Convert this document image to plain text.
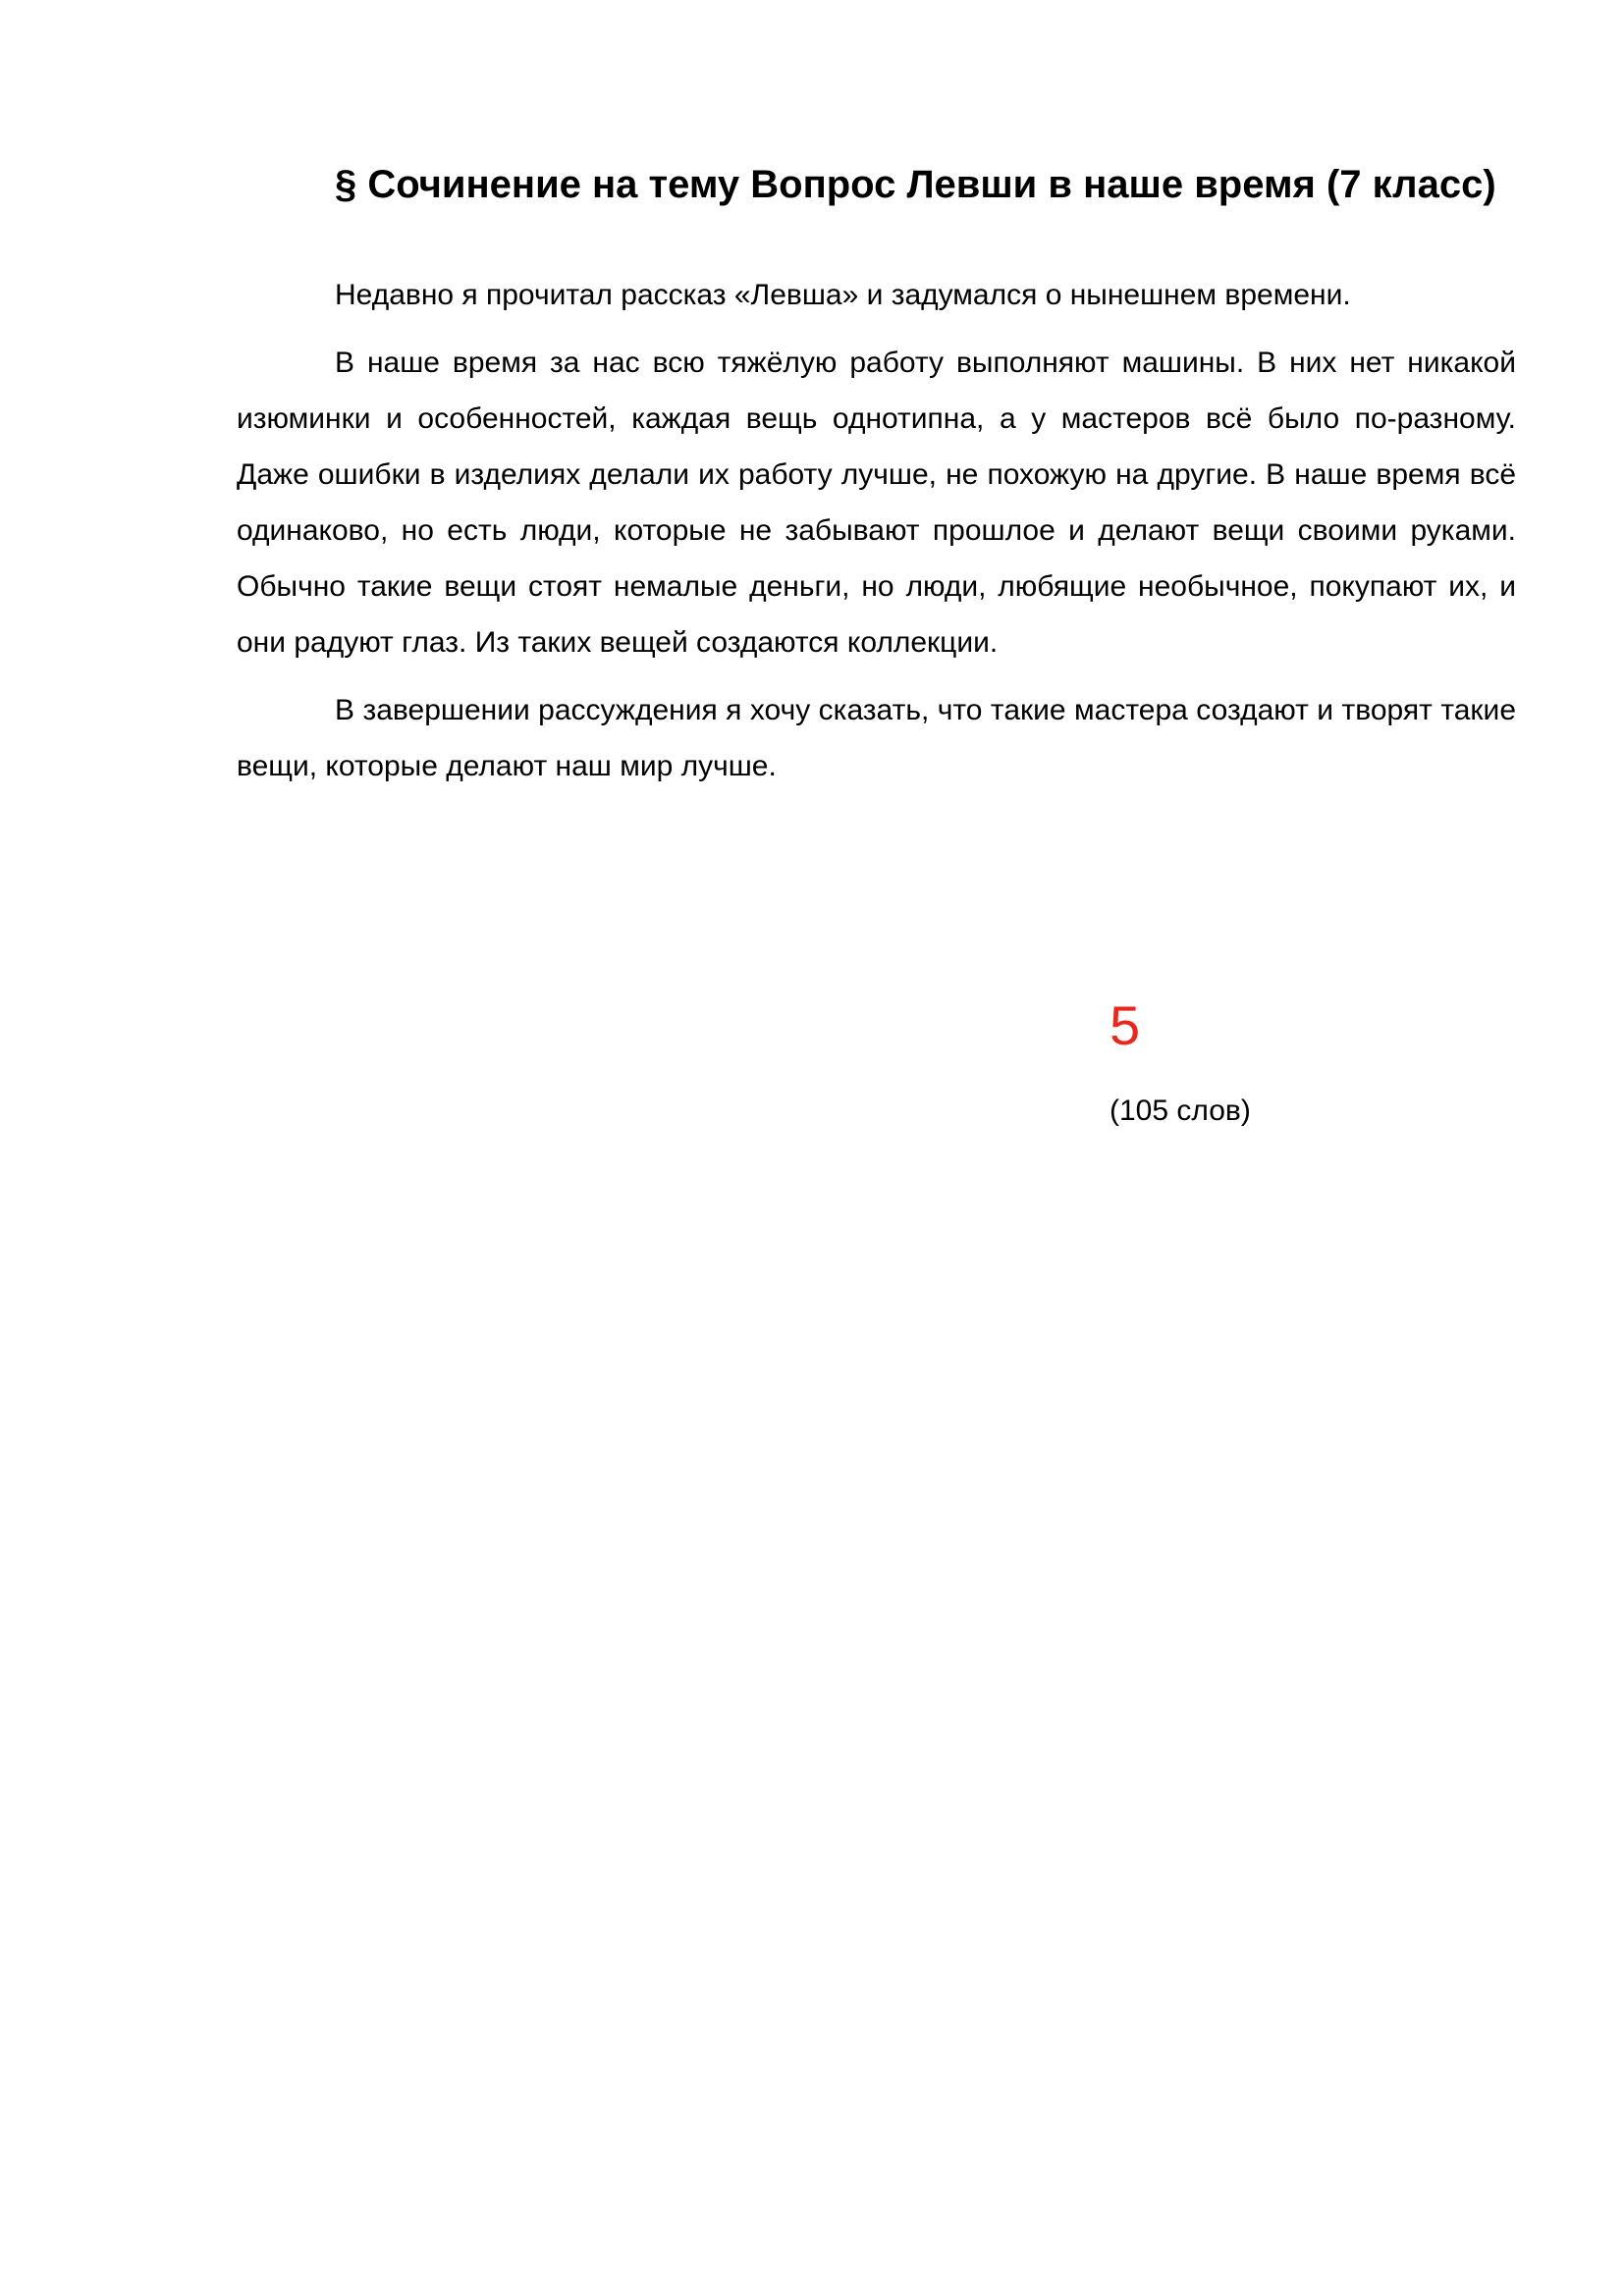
§ Сочинение на тему Вопрос Левши в наше время (7 класс)

Недавно я прочитал рассказ «Левша» и задумался о нынешнем времени.

В наше время за нас всю тяжёлую работу выполняют машины. В них нет никакой изюминки и особенностей, каждая вещь однотипна, а у мастеров всё было по-разному. Даже ошибки в изделиях делали их работу лучше, не похожую на другие. В наше время всё одинаково, но есть люди, которые не забывают прошлое и делают вещи своими руками. Обычно такие вещи стоят немалые деньги, но люди, любящие необычное, покупают их, и они радуют глаз. Из таких вещей создаются коллекции.

В завершении рассуждения я хочу сказать, что такие мастера создают и творят такие вещи, которые делают наш мир лучше.

5
(105 слов)
